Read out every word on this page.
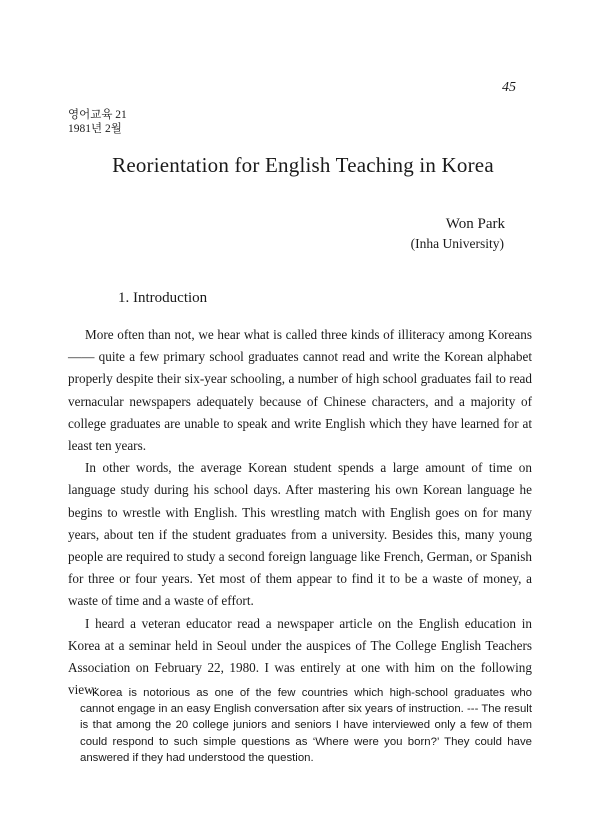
45
영어교육 21
1981년 2월
Reorientation for English Teaching in Korea
Won Park
(Inha University)
1. Introduction

More often than not, we hear what is called three kinds of illiteracy among Koreans—— quite a few primary school graduates cannot read and write the Korean alphabet properly despite their six-year schooling, a number of high school graduates fail to read vernacular newspapers adequately because of Chinese characters, and a majority of college graduates are unable to speak and write English which they have learned for at least ten years.

In other words, the average Korean student spends a large amount of time on language study during his school days. After mastering his own Korean language he begins to wrestle with English. This wrestling match with English goes on for many years, about ten if the student graduates from a university. Besides this, many young people are required to study a second foreign language like French, German, or Spanish for three or four years. Yet most of them appear to find it to be a waste of money, a waste of time and a waste of effort.

I heard a veteran educator read a newspaper article on the English education in Korea at a seminar held in Seoul under the auspices of The College English Teachers Association on February 22, 1980. I was entirely at one with him on the following view:

Korea is notorious as one of the few countries which high-school graduates who cannot engage in an easy English conversation after six years of instruction. --- The result is that among the 20 college juniors and seniors I have interviewed only a few of them could respond to such simple questions as ‘Where were you born?’ They could have answered if they had understood the question.
